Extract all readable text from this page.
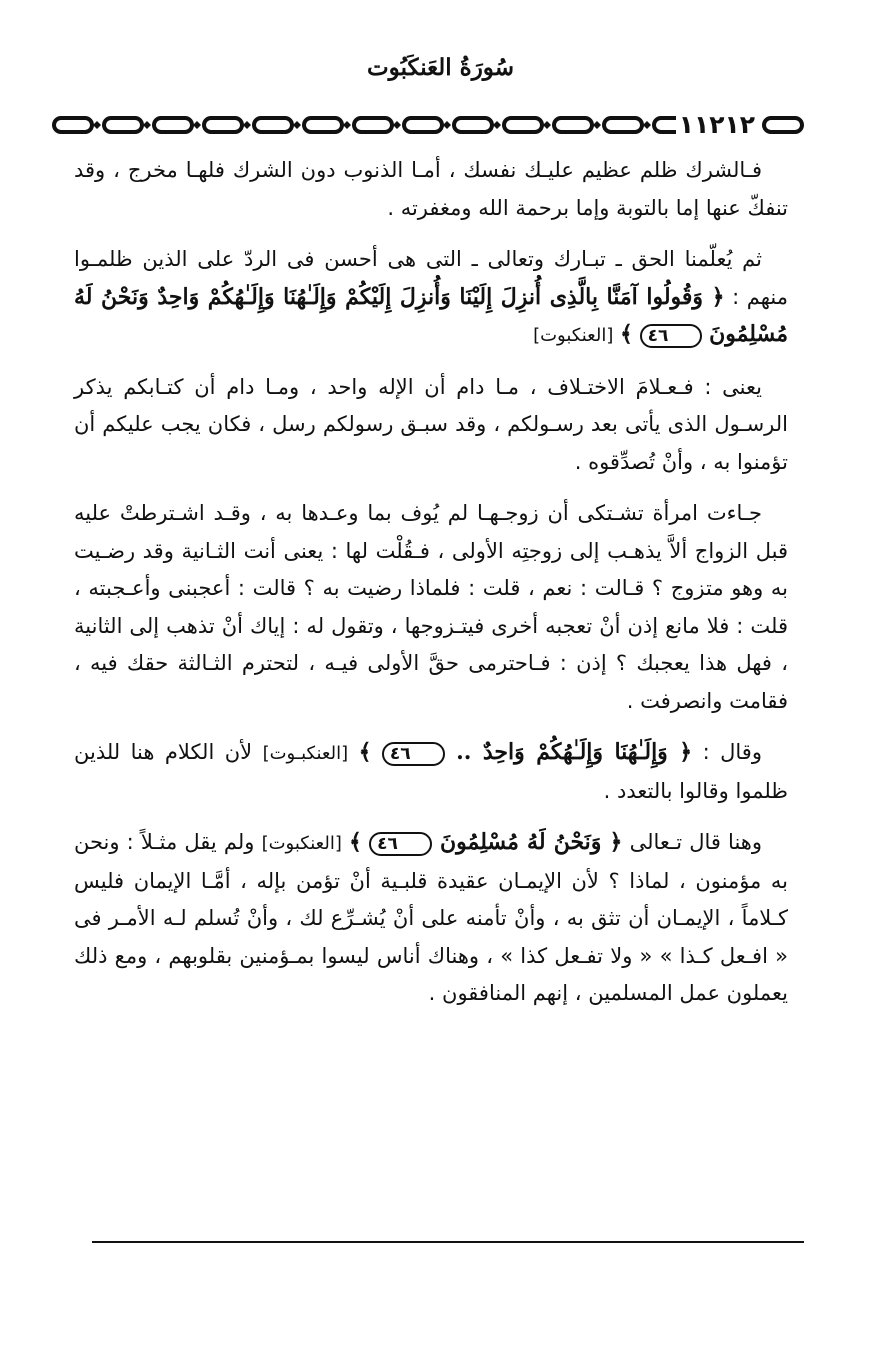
سُورَةُ العَنكَبُوت
١١٢١٢

فـالشرك ظلم عظيم عليـك نفسك ، أمـا الذنوب دون الشرك فلهـا مخرج ، وقد تنفكّ عنها إما بالتوبة وإما برحمة الله ومغفرته .

ثم يُعلّمنا الحق ـ تبـارك وتعالى ـ التى هى أحسن فى الردّ على الذين ظلمـوا منهم : ﴿ وَقُولُوا آمَنَّا بِالَّذِى أُنزِلَ إِلَيْنَا وَأُنزِلَ إِلَيْكُمْ وَإِلَـٰهُنَا وَإِلَـٰهُكُمْ وَاحِدٌ وَنَحْنُ لَهُ مُسْلِمُونَ ٤٦ ﴾ [العنكبوت]

يعنى : فـعـلامَ الاختـلاف ، مـا دام أن الإله واحد ، ومـا دام أن كتـابكم يذكر الرسـول الذى يأتى بعد رسـولكم ، وقد سبـق رسولكم رسل ، فكان يجب عليكم أن تؤمنوا به ، وأنْ تُصدِّقوه .

جـاءت امرأة تشـتكى أن زوجـهـا لم يُوف بما وعـدها به ، وقـد اشـترطتْ عليه قبل الزواج ألاَّ يذهـب إلى زوجتِه الأولى ، فـقُلْت لها : يعنى أنت الثـانية وقد رضـيت به وهو متزوج ؟ قـالت : نعم ، قلت : فلماذا رضيت به ؟ قالت : أعجبنى وأعـجبته ، قلت : فلا مانع إذن أنْ تعجبه أخرى فيتـزوجها ، وتقول له : إياك أنْ تذهب إلى الثانية ، فهل هذا يعجبك ؟ إذن : فـاحترمى حقَّ الأولى فيـه ، لتحترم الثـالثة حقك فيه ، فقامت وانصرفت .

وقال : ﴿ وَإِلَـٰهُنَا وَإِلَـٰهُكُمْ وَاحِدٌ .. ٤٦ ﴾ [العنكبـوت] لأن الكلام هنا للذين ظلموا وقالوا بالتعدد .

وهنا قال تـعالى ﴿ وَنَحْنُ لَهُ مُسْلِمُونَ ٤٦ ﴾ [العنكبوت] ولم يقل مثـلاً : ونحن به مؤمنون ، لماذا ؟ لأن الإيمـان عقيدة قلبـية أنْ تؤمن بإله ، أمَّـا الإيمان فليس كـلاماً ، الإيمـان أن تثق به ، وأنْ تأمنه على أنْ يُشـرِّع لك ، وأنْ تُسلم لـه الأمـر فى « افـعل كـذا » « ولا تفـعل كذا » ، وهناك أناس ليسوا بمـؤمنين بقلوبهم ، ومع ذلك يعملون عمل المسلمين ، إنهم المنافقون .
